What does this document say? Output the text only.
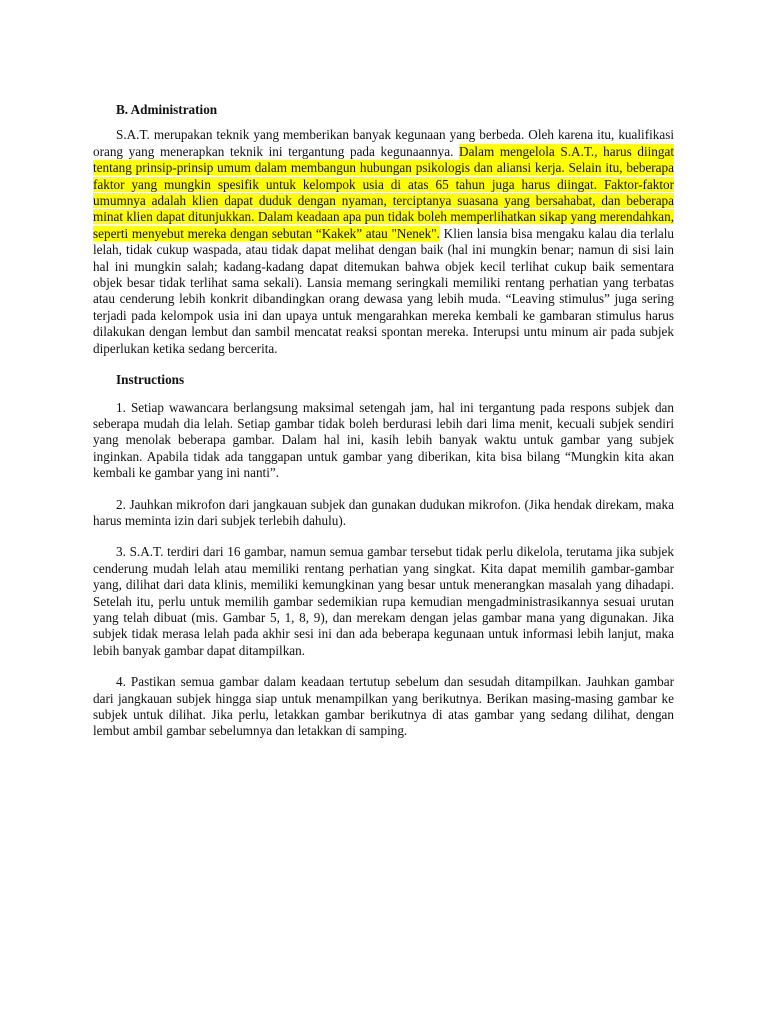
B. Administration

S.A.T. merupakan teknik yang memberikan banyak kegunaan yang berbeda. Oleh karena itu, kualifikasi orang yang menerapkan teknik ini tergantung pada kegunaannya. Dalam mengelola S.A.T., harus diingat tentang prinsip-prinsip umum dalam membangun hubungan psikologis dan aliansi kerja. Selain itu, beberapa faktor yang mungkin spesifik untuk kelompok usia di atas 65 tahun juga harus diingat. Faktor-faktor umumnya adalah klien dapat duduk dengan nyaman, terciptanya suasana yang bersahabat, dan beberapa minat klien dapat ditunjukkan. Dalam keadaan apa pun tidak boleh memperlihatkan sikap yang merendahkan, seperti menyebut mereka dengan sebutan “Kakek” atau "Nenek". Klien lansia bisa mengaku kalau dia terlalu lelah, tidak cukup waspada, atau tidak dapat melihat dengan baik (hal ini mungkin benar; namun di sisi lain hal ini mungkin salah; kadang-kadang dapat ditemukan bahwa objek kecil terlihat cukup baik sementara objek besar tidak terlihat sama sekali). Lansia memang seringkali memiliki rentang perhatian yang terbatas atau cenderung lebih konkrit dibandingkan orang dewasa yang lebih muda. “Leaving stimulus” juga sering terjadi pada kelompok usia ini dan upaya untuk mengarahkan mereka kembali ke gambaran stimulus harus dilakukan dengan lembut dan sambil mencatat reaksi spontan mereka. Interupsi untu minum air pada subjek diperlukan ketika sedang bercerita.

Instructions

1. Setiap wawancara berlangsung maksimal setengah jam, hal ini tergantung pada respons subjek dan seberapa mudah dia lelah. Setiap gambar tidak boleh berdurasi lebih dari lima menit, kecuali subjek sendiri yang menolak beberapa gambar. Dalam hal ini, kasih lebih banyak waktu untuk gambar yang subjek inginkan. Apabila tidak ada tanggapan untuk gambar yang diberikan, kita bisa bilang “Mungkin kita akan kembali ke gambar yang ini nanti”.

2. Jauhkan mikrofon dari jangkauan subjek dan gunakan dudukan mikrofon. (Jika hendak direkam, maka harus meminta izin dari subjek terlebih dahulu).

3. S.A.T. terdiri dari 16 gambar, namun semua gambar tersebut tidak perlu dikelola, terutama jika subjek cenderung mudah lelah atau memiliki rentang perhatian yang singkat. Kita dapat memilih gambar-gambar yang, dilihat dari data klinis, memiliki kemungkinan yang besar untuk menerangkan masalah yang dihadapi. Setelah itu, perlu untuk memilih gambar sedemikian rupa kemudian mengadministrasikannya sesuai urutan yang telah dibuat (mis. Gambar 5, 1, 8, 9), dan merekam dengan jelas gambar mana yang digunakan. Jika subjek tidak merasa lelah pada akhir sesi ini dan ada beberapa kegunaan untuk informasi lebih lanjut, maka lebih banyak gambar dapat ditampilkan.

4. Pastikan semua gambar dalam keadaan tertutup sebelum dan sesudah ditampilkan. Jauhkan gambar dari jangkauan subjek hingga siap untuk menampilkan yang berikutnya. Berikan masing-masing gambar ke subjek untuk dilihat. Jika perlu, letakkan gambar berikutnya di atas gambar yang sedang dilihat, dengan lembut ambil gambar sebelumnya dan letakkan di samping.
